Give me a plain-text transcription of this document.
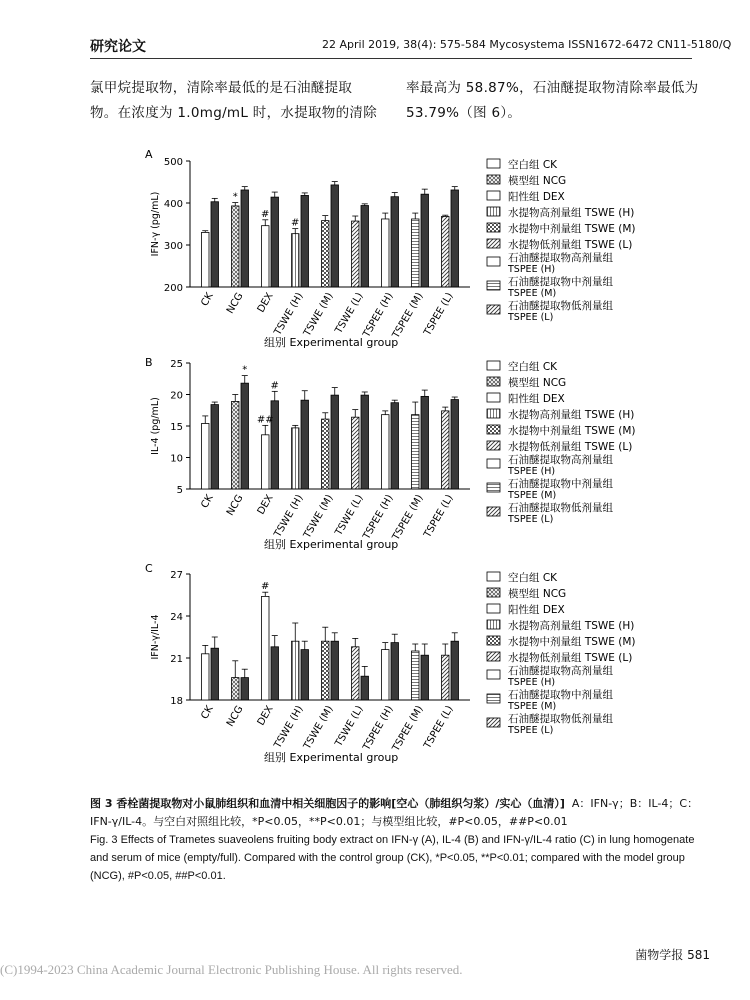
研究论文	22 April 2019, 38(4): 575-584 Mycosystema ISSN1672-6472 CN11-5180/Q
氯甲烷提取物，清除率最低的是石油醚提取
物。在浓度为 1.0mg/mL 时，水提取物的清除
率最高为 58.87%，石油醚提取物清除率最低为
53.79%（图 6）。
A
200
300
400
500
IFN-γ (pg/mL)
CK NCG DEX
TSWE (H)
TSWE (M)
TSWE (L)
TSPEE (H)
TSPEE (M)
TSPEE (L)
*
#
#
组别 Experimental group
空白组 CK
模型组 NCG
阳性组 DEX
水提物高剂量组 TSWE (H)
水提物中剂量组 TSWE (M)
水提物低剂量组 TSWE (L)
石油醚提取物高剂量组
TSPEE (H)
石油醚提取物中剂量组
TSPEE (M)
石油醚提取物低剂量组
TSPEE (L)
B
5
10
15
20
25
IL-4 (pg/mL)
CK NCG DEX
TSWE (H)
TSWE (M)
TSWE (L)
TSPEE (H)
TSPEE (M)
TSPEE (L)
*
##
#
组别 Experimental group
空白组 CK
模型组 NCG
阳性组 DEX
水提物高剂量组 TSWE (H)
水提物中剂量组 TSWE (M)
水提物低剂量组 TSWE (L)
石油醚提取物高剂量组
TSPEE (H)
石油醚提取物中剂量组
TSPEE (M)
石油醚提取物低剂量组
TSPEE (L)
C
18
21
24
27
IFN-γ/IL-4
CK NCG DEX
TSWE (H)
TSWE (M)
TSWE (L)
TSPEE (H)
TSPEE (M)
TSPEE (L)
#
组别 Experimental group
空白组 CK
模型组 NCG
阳性组 DEX
水提物高剂量组 TSWE (H)
水提物中剂量组 TSWE (M)
水提物低剂量组 TSWE (L)
石油醚提取物高剂量组
TSPEE (H)
石油醚提取物中剂量组
TSPEE (M)
石油醚提取物低剂量组
TSPEE (L)
图 3 香栓菌提取物对小鼠肺组织和血清中相关细胞因子的影响[空心（肺组织匀浆）/实心（血清）] A：IFN-γ；B：IL-4；C：IFN-γ/IL-4。与空白对照组比较，*P<0.05，**P<0.01；与模型组比较，#P<0.05，##P<0.01
Fig. 3 Effects of Trametes suaveolens fruiting body extract on IFN-γ (A), IL-4 (B) and IFN-γ/IL-4 ratio (C) in lung homogenate and serum of mice (empty/full). Compared with the control group (CK), *P<0.05, **P<0.01; compared with the model group (NCG), #P<0.05, ##P<0.01.
菌物学报 581
(C)1994-2023 China Academic Journal Electronic Publishing House. All rights reserved.
